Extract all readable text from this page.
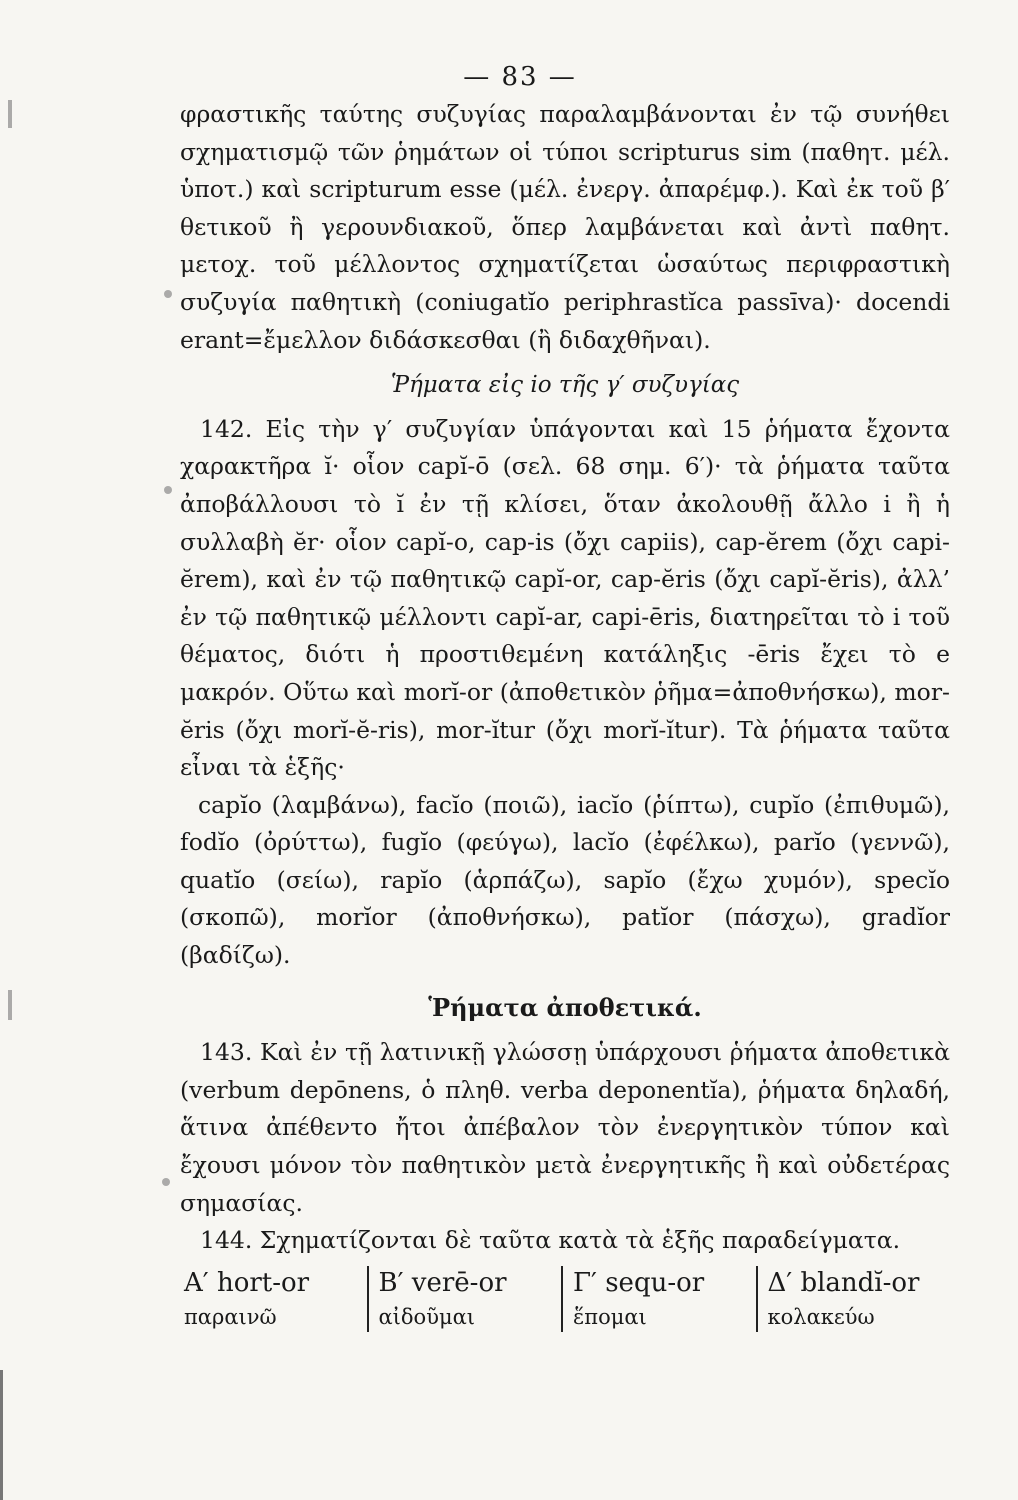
— 83 —

φραστικῆς ταύτης συζυγίας παραλαμβάνονται ἐν τῷ συνήθει σχηματισμῷ τῶν ῥημάτων οἱ τύποι scripturus sim (παθητ. μέλ. ὑποτ.) καὶ scripturum esse (μέλ. ἐνεργ. ἀπαρέμφ.). Καὶ ἐκ τοῦ β′ θετικοῦ ἢ γερουνδιακοῦ, ὅπερ λαμβάνεται καὶ ἀντὶ παθητ. μετοχ. τοῦ μέλλοντος σχηματίζεται ὡσαύτως περιφραστικὴ συζυγία παθητικὴ (coniugatĭo periphrastĭca passīva)· docendi erant=ἔμελλον διδάσκεσθαι (ἢ διδαχθῆναι).

Ῥήματα εἰς io τῆς γ′ συζυγίας

142. Εἰς τὴν γ′ συζυγίαν ὑπάγονται καὶ 15 ῥήματα ἔχοντα χαρακτῆρα ĭ· οἷον capĭ-ō (σελ. 68 σημ. 6′)· τὰ ῥήματα ταῦτα ἀποβάλλουσι τὸ ĭ ἐν τῇ κλίσει, ὅταν ἀκολουθῇ ἄλλο i ἢ ἡ συλλαβὴ ĕr· οἷον capĭ-o, cap-is (ὄχι capiis), cap-ĕrem (ὄχι capi-ĕrem), καὶ ἐν τῷ παθητικῷ capĭ-or, cap-ĕris (ὄχι capĭ-ĕris), ἀλλ’ ἐν τῷ παθητικῷ μέλλοντι capĭ-ar, capi-ēris, διατηρεῖται τὸ i τοῦ θέματος, διότι ἡ προστιθεμένη κατάληξις -ēris ἔχει τὸ e μακρόν. Οὕτω καὶ morĭ-or (ἀποθετικὸν ῥῆμα=ἀποθνήσκω), mor-ĕris (ὄχι morĭ-ĕ-ris), mor-ĭtur (ὄχι morĭ-ĭtur). Τὰ ῥήματα ταῦτα εἶναι τὰ ἑξῆς·

capĭo (λαμβάνω), facĭo (ποιῶ), iacĭo (ῥίπτω), cupĭo (ἐπιθυμῶ), fodĭo (ὀρύττω), fugĭo (φεύγω), lacĭo (ἐφέλκω), parĭo (γεννῶ), quatĭo (σείω), rapĭo (ἁρπάζω), sapĭo (ἔχω χυμόν), specĭo (σκοπῶ), morĭor (ἀποθνήσκω), patĭor (πάσχω), gradĭor (βαδίζω).

Ῥήματα ἀποθετικά.

143. Καὶ ἐν τῇ λατινικῇ γλώσσῃ ὑπάρχουσι ῥήματα ἀποθετικὰ (verbum depōnens, ὁ πληθ. verba deponentĭa), ῥήματα δηλαδή, ἅτινα ἀπέθεντο ἤτοι ἀπέβαλον τὸν ἐνεργητικὸν τύπον καὶ ἔχουσι μόνον τὸν παθητικὸν μετὰ ἐνεργητικῆς ἢ καὶ οὐδετέρας σημασίας.

144. Σχηματίζονται δὲ ταῦτα κατὰ τὰ ἑξῆς παραδείγματα.

Α′ hort-or
παραινῶ
Β′ verē-or
αἰδοῦμαι
Γ′ sequ-or
ἕπομαι
Δ′ blandĭ-or
κολακεύω
